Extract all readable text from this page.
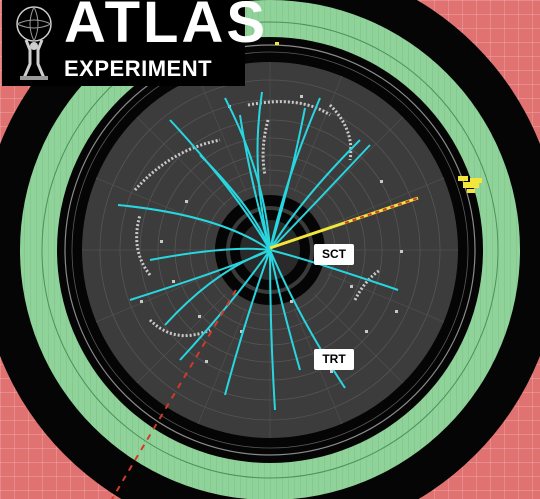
ATLAS
EXPERIMENT
SCT
TRT
